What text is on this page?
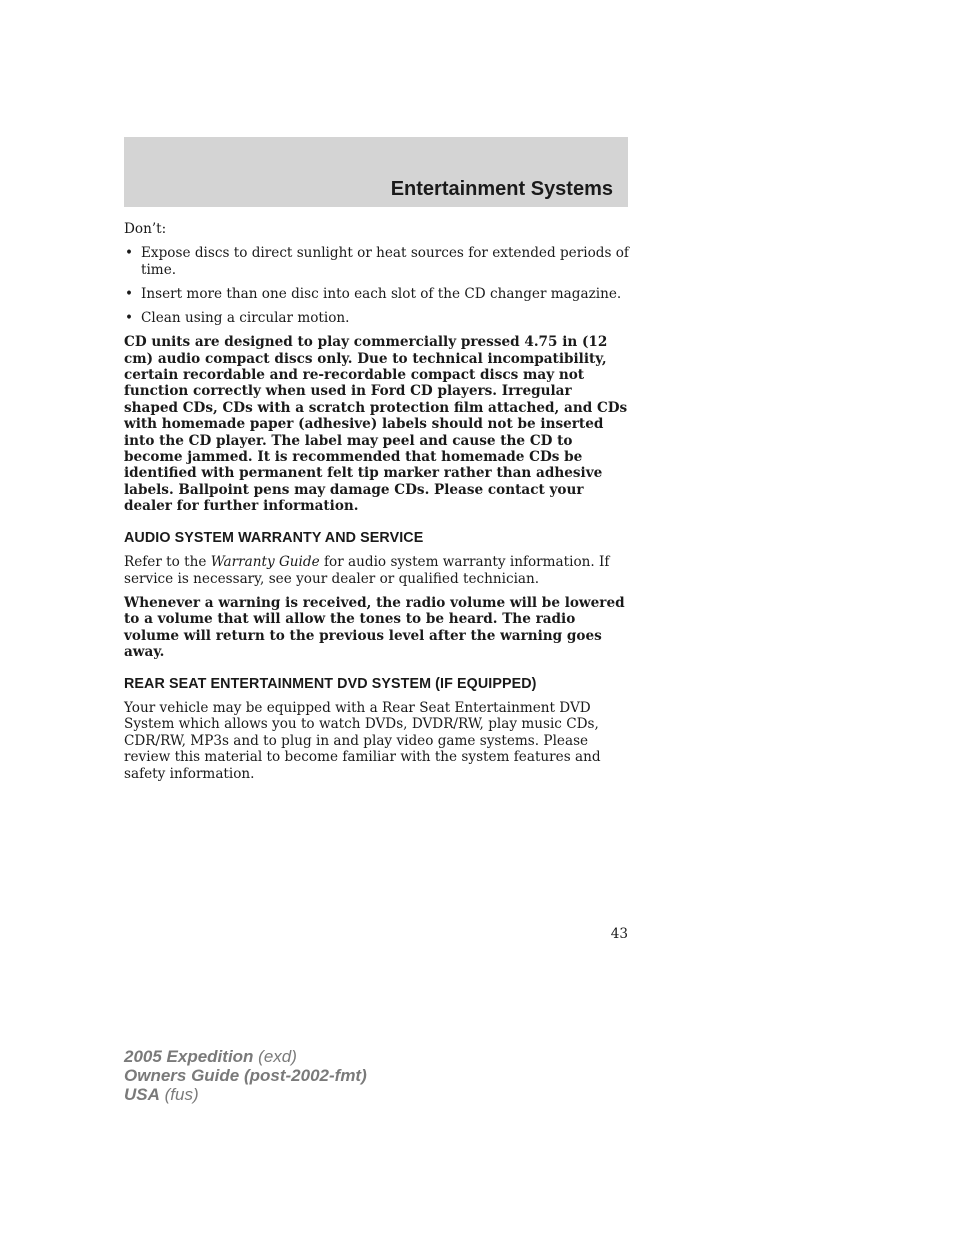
Entertainment Systems

Don’t:

• Expose discs to direct sunlight or heat sources for extended periods of time.
• Insert more than one disc into each slot of the CD changer magazine.
• Clean using a circular motion.

CD units are designed to play commercially pressed 4.75 in (12 cm) audio compact discs only. Due to technical incompatibility, certain recordable and re-recordable compact discs may not function correctly when used in Ford CD players. Irregular shaped CDs, CDs with a scratch protection film attached, and CDs with homemade paper (adhesive) labels should not be inserted into the CD player. The label may peel and cause the CD to become jammed. It is recommended that homemade CDs be identified with permanent felt tip marker rather than adhesive labels. Ballpoint pens may damage CDs. Please contact your dealer for further information.

AUDIO SYSTEM WARRANTY AND SERVICE

Refer to the Warranty Guide for audio system warranty information. If service is necessary, see your dealer or qualified technician.

Whenever a warning is received, the radio volume will be lowered to a volume that will allow the tones to be heard. The radio volume will return to the previous level after the warning goes away.

REAR SEAT ENTERTAINMENT DVD SYSTEM (IF EQUIPPED)

Your vehicle may be equipped with a Rear Seat Entertainment DVD System which allows you to watch DVDs, DVDR/RW, play music CDs, CDR/RW, MP3s and to plug in and play video game systems. Please review this material to become familiar with the system features and safety information.

43
2005 Expedition (exd)
Owners Guide (post-2002-fmt)
USA (fus)
